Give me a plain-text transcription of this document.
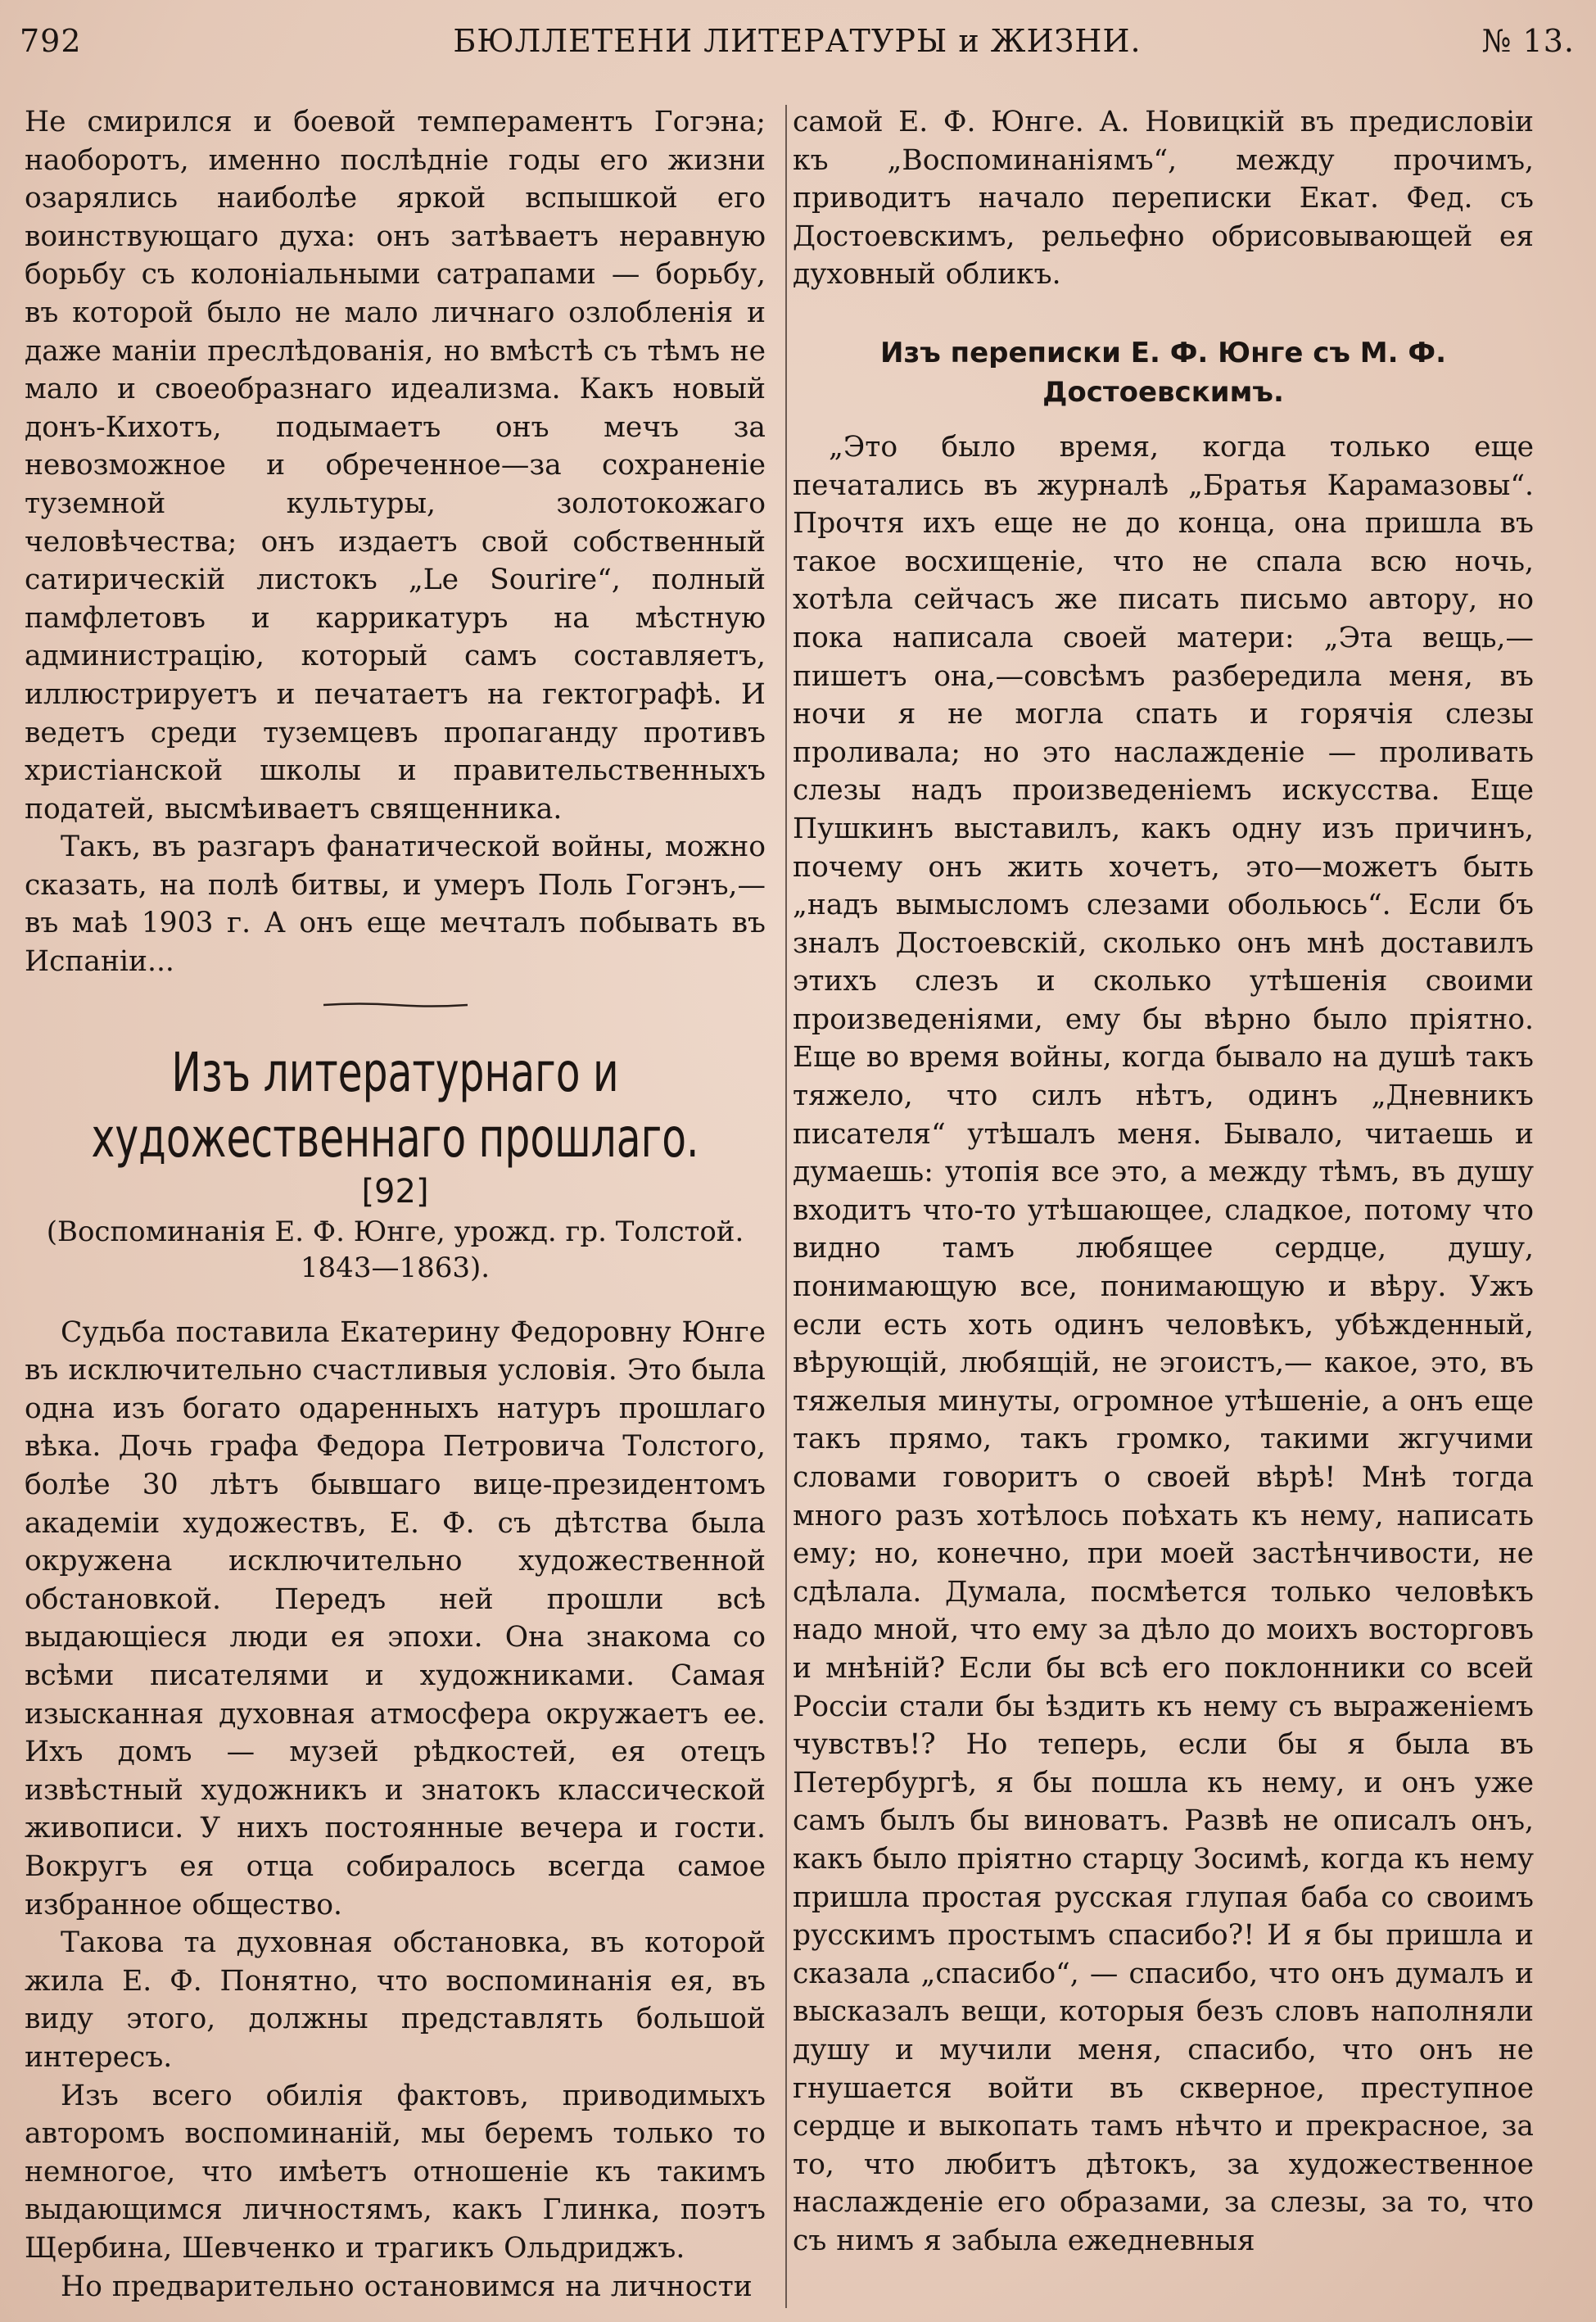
792	БЮЛЛЕТЕНИ ЛИТЕРАТУРЫ и ЖИЗНИ.	№ 13.

Не смирился и боевой темпераментъ Гогэна; наоборотъ, именно послѣдніе годы его жизни озарялись наиболѣе яркой вспышкой его воинствующаго духа: онъ затѣваетъ неравную борьбу съ колоніальными сатрапами — борьбу, въ которой было не мало личнаго озлобленія и даже маніи преслѣдованія, но вмѣстѣ съ тѣмъ не мало и своеобразнаго идеализма. Какъ новый донъ-Кихотъ, подымаетъ онъ мечъ за невозможное и обреченное—за сохраненіе туземной культуры, золотокожаго человѣчества; онъ издаетъ свой собственный сатирическій листокъ „Le Sourire“, полный памфлетовъ и каррикатуръ на мѣстную администрацію, который самъ составляетъ, иллюстрируетъ и печатаетъ на гектографѣ. И ведетъ среди туземцевъ пропаганду противъ христіанской школы и правительственныхъ податей, высмѣиваетъ священника.

Такъ, въ разгаръ фанатической войны, можно сказать, на полѣ битвы, и умеръ Поль Гогэнъ,—въ маѣ 1903 г. А онъ еще мечталъ побывать въ Испаніи...

Изъ литературнаго и художественнаго прошлаго.
[92]
(Воспоминанія Е. Ф. Юнге, урожд. гр. Толстой. 1843—1863).

Судьба поставила Екатерину Федоровну Юнге въ исключительно счастливыя условія. Это была одна изъ богато одаренныхъ натуръ прошлаго вѣка. Дочь графа Федора Петровича Толстого, болѣе 30 лѣтъ бывшаго вице-президентомъ академіи художествъ, Е. Ф. съ дѣтства была окружена исключительно художественной обстановкой. Передъ ней прошли всѣ выдающіеся люди ея эпохи. Она знакома со всѣми писателями и художниками. Самая изысканная духовная атмосфера окружаетъ ее. Ихъ домъ — музей рѣдкостей, ея отецъ извѣстный художникъ и знатокъ классической живописи. У нихъ постоянные вечера и гости. Вокругъ ея отца собиралось всегда самое избранное общество.

Такова та духовная обстановка, въ которой жила Е. Ф. Понятно, что воспоминанія ея, въ виду этого, должны представлять большой интересъ.

Изъ всего обилія фактовъ, приводимыхъ авторомъ воспоминаній, мы беремъ только то немногое, что имѣетъ отношеніе къ такимъ выдающимся личностямъ, какъ Глинка, поэтъ Щербина, Шевченко и трагикъ Ольдриджъ.

Но предварительно остановимся на личности

самой Е. Ф. Юнге. А. Новицкій въ предисловіи къ „Воспоминаніямъ“, между прочимъ, приводитъ начало переписки Екат. Фед. съ Достоевскимъ, рельефно обрисовывающей ея духовный обликъ.

Изъ переписки Е. Ф. Юнге съ М. Ф. Достоевскимъ.

„Это было время, когда только еще печатались въ журналѣ „Братья Карамазовы“. Прочтя ихъ еще не до конца, она пришла въ такое восхищеніе, что не спала всю ночь, хотѣла сейчасъ же писать письмо автору, но пока написала своей матери: „Эта вещь,— пишетъ она,—совсѣмъ разбередила меня, въ ночи я не могла спать и горячія слезы проливала; но это наслажденіе — проливать слезы надъ произведеніемъ искусства. Еще Пушкинъ выставилъ, какъ одну изъ причинъ, почему онъ жить хочетъ, это—можетъ быть „надъ вымысломъ слезами обольюсь“. Если бъ зналъ Достоевскій, сколько онъ мнѣ доставилъ этихъ слезъ и сколько утѣшенія своими произведеніями, ему бы вѣрно было пріятно. Еще во время войны, когда бывало на душѣ такъ тяжело, что силъ нѣтъ, одинъ „Дневникъ писателя“ утѣшалъ меня. Бывало, читаешь и думаешь: утопія все это, а между тѣмъ, въ душу входитъ что-то утѣшающее, сладкое, потому что видно тамъ любящее сердце, душу, понимающую все, понимающую и вѣру. Ужъ если есть хоть одинъ человѣкъ, убѣжденный, вѣрующій, любящій, не эгоистъ,— какое, это, въ тяжелыя минуты, огромное утѣшеніе, а онъ еще такъ прямо, такъ громко, такими жгучими словами говоритъ о своей вѣрѣ! Мнѣ тогда много разъ хотѣлось поѣхать къ нему, написать ему; но, конечно, при моей застѣнчивости, не сдѣлала. Думала, посмѣется только человѣкъ надо мной, что ему за дѣло до моихъ восторговъ и мнѣній? Если бы всѣ его поклонники со всей Россіи стали бы ѣздить къ нему съ выраженіемъ чувствъ!? Но теперь, если бы я была въ Петербургѣ, я бы пошла къ нему, и онъ уже самъ былъ бы виноватъ. Развѣ не описалъ онъ, какъ было пріятно старцу Зосимѣ, когда къ нему пришла простая русская глупая баба со своимъ русскимъ простымъ спасибо?! И я бы пришла и сказала „спасибо“, — спасибо, что онъ думалъ и высказалъ вещи, которыя безъ словъ наполняли душу и мучили меня, спасибо, что онъ не гнушается войти въ скверное, преступное сердце и выкопать тамъ нѣчто и прекрасное, за то, что любитъ дѣтокъ, за художественное наслажденіе его образами, за слезы, за то, что съ нимъ я забыла ежедневныя
